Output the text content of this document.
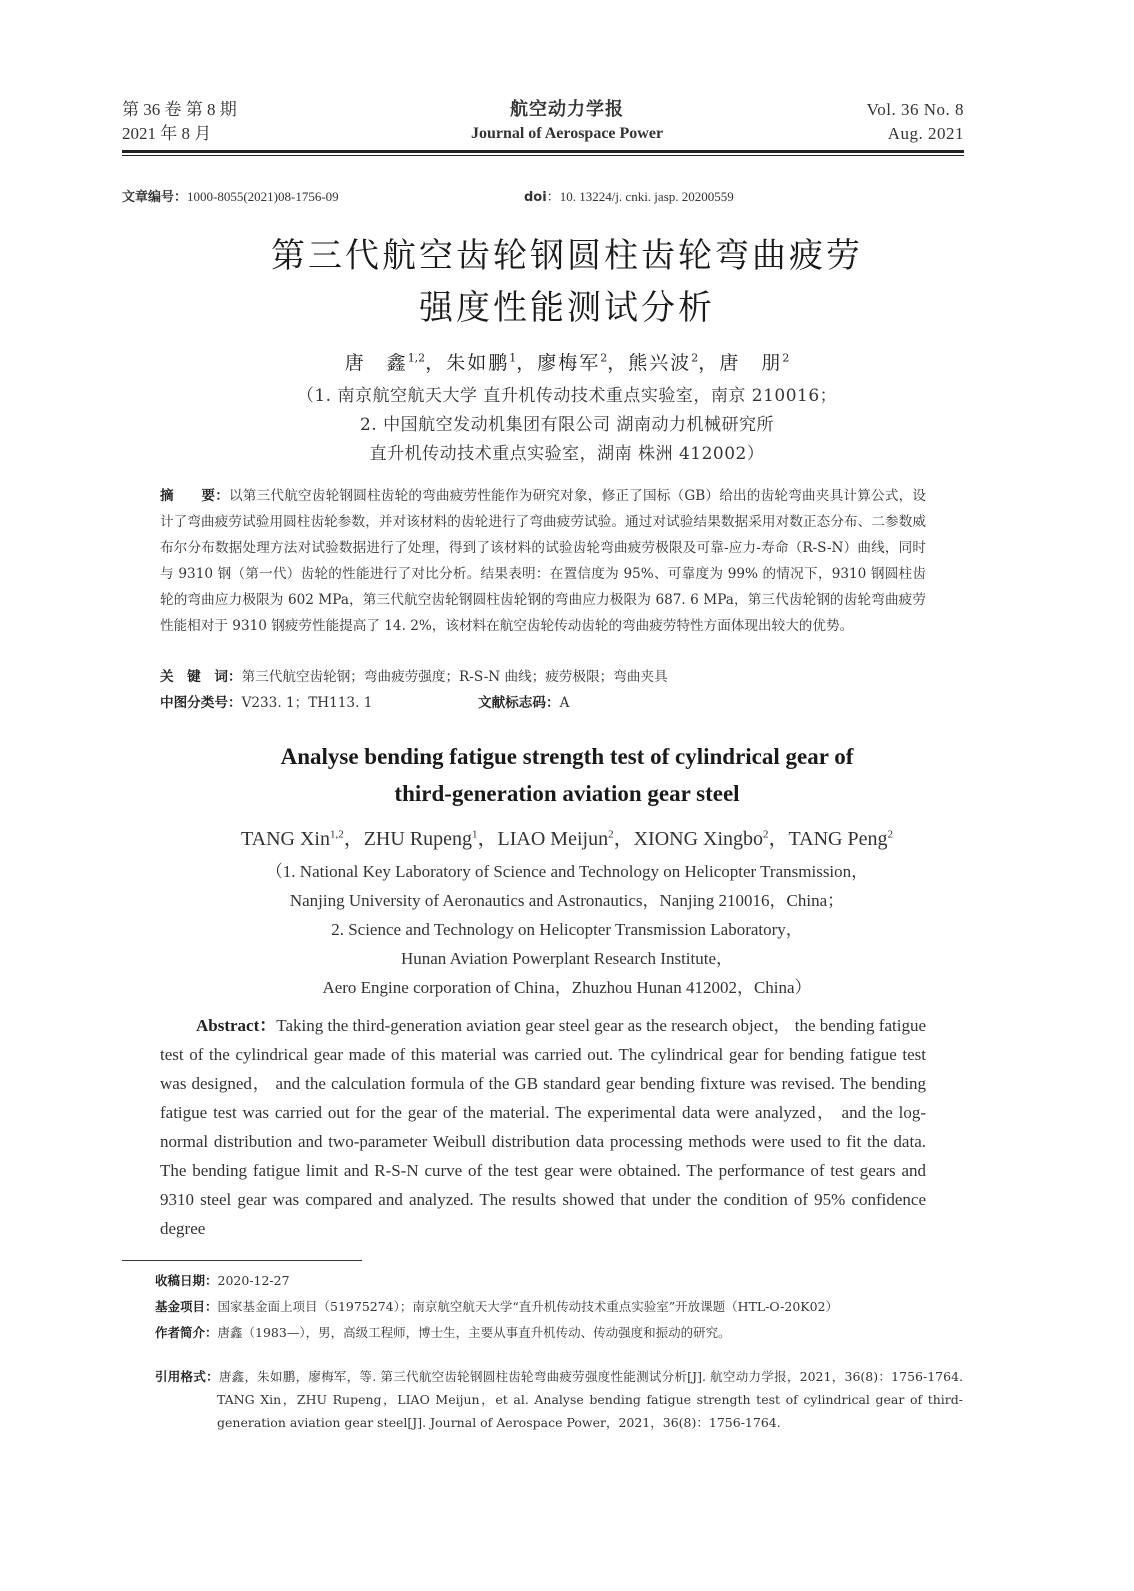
第 36 卷 第 8 期
2021 年 8 月
航空动力学报
Journal of Aerospace Power
Vol. 36 No. 8
Aug. 2021
文章编号：1000-8055(2021)08-1756-09	doi：10. 13224/j. cnki. jasp. 20200559
第三代航空齿轮钢圆柱齿轮弯曲疲劳
强度性能测试分析
唐　鑫$^{1,2}$，朱如鹏$^1$，廖梅军$^2$，熊兴波$^2$，唐　朋$^2$
（1. 南京航空航天大学 直升机传动技术重点实验室，南京 210016；
2. 中国航空发动机集团有限公司 湖南动力机械研究所
直升机传动技术重点实验室，湖南 株洲 412002）
摘　　要：以第三代航空齿轮钢圆柱齿轮的弯曲疲劳性能作为研究对象，修正了国标（GB）给出的齿轮弯曲夹具计算公式，设计了弯曲疲劳试验用圆柱齿轮参数，并对该材料的齿轮进行了弯曲疲劳试验。通过对试验结果数据采用对数正态分布、二参数威布尔分布数据处理方法对试验数据进行了处理，得到了该材料的试验齿轮弯曲疲劳极限及可靠-应力-寿命（R-S-N）曲线，同时与 9310 钢（第一代）齿轮的性能进行了对比分析。结果表明：在置信度为 95%、可靠度为 99% 的情况下，9310 钢圆柱齿轮的弯曲应力极限为 602 MPa，第三代航空齿轮钢圆柱齿轮钢的弯曲应力极限为 687. 6 MPa，第三代齿轮钢的齿轮弯曲疲劳性能相对于 9310 钢疲劳性能提高了 14. 2%，该材料在航空齿轮传动齿轮的弯曲疲劳特性方面体现出较大的优势。
关　键　词：第三代航空齿轮钢；弯曲疲劳强度；R-S-N 曲线；疲劳极限；弯曲夹具
中图分类号：V233. 1；TH113. 1	文献标志码：A
Analyse bending fatigue strength test of cylindrical gear of
third-generation aviation gear steel
TANG Xin$^{1,2}$，ZHU Rupeng$^1$，LIAO Meijun$^2$，XIONG Xingbo$^2$，TANG Peng$^2$
（1. National Key Laboratory of Science and Technology on Helicopter Transmission，
Nanjing University of Aeronautics and Astronautics，Nanjing 210016，China；
2. Science and Technology on Helicopter Transmission Laboratory，
Hunan Aviation Powerplant Research Institute，
Aero Engine corporation of China，Zhuzhou Hunan 412002，China）
Abstract：Taking the third-generation aviation gear steel gear as the research object， the bending fatigue test of the cylindrical gear made of this material was carried out. The cylindrical gear for bending fatigue test was designed， and the calculation formula of the GB standard gear bending fixture was revised. The bending fatigue test was carried out for the gear of the material. The experimental data were analyzed， and the log-normal distribution and two-parameter Weibull distribution data processing methods were used to fit the data. The bending fatigue limit and R-S-N curve of the test gear were obtained. The performance of test gears and 9310 steel gear was compared and analyzed. The results showed that under the condition of 95% confidence degree
收稿日期：2020-12-27
基金项目：国家基金面上项目（51975274）；南京航空航天大学“直升机传动技术重点实验室”开放课题（HTL-O-20K02）
作者简介：唐鑫（1983—），男，高级工程师，博士生，主要从事直升机传动、传动强度和振动的研究。
引用格式：唐鑫，朱如鹏，廖梅军，等. 第三代航空齿轮钢圆柱齿轮弯曲疲劳强度性能测试分析[J]. 航空动力学报，2021，36(8)：1756-1764. TANG Xin，ZHU Rupeng，LIAO Meijun，et al. Analyse bending fatigue strength test of cylindrical gear of third-generation aviation gear steel[J]. Journal of Aerospace Power，2021，36(8)：1756-1764.
